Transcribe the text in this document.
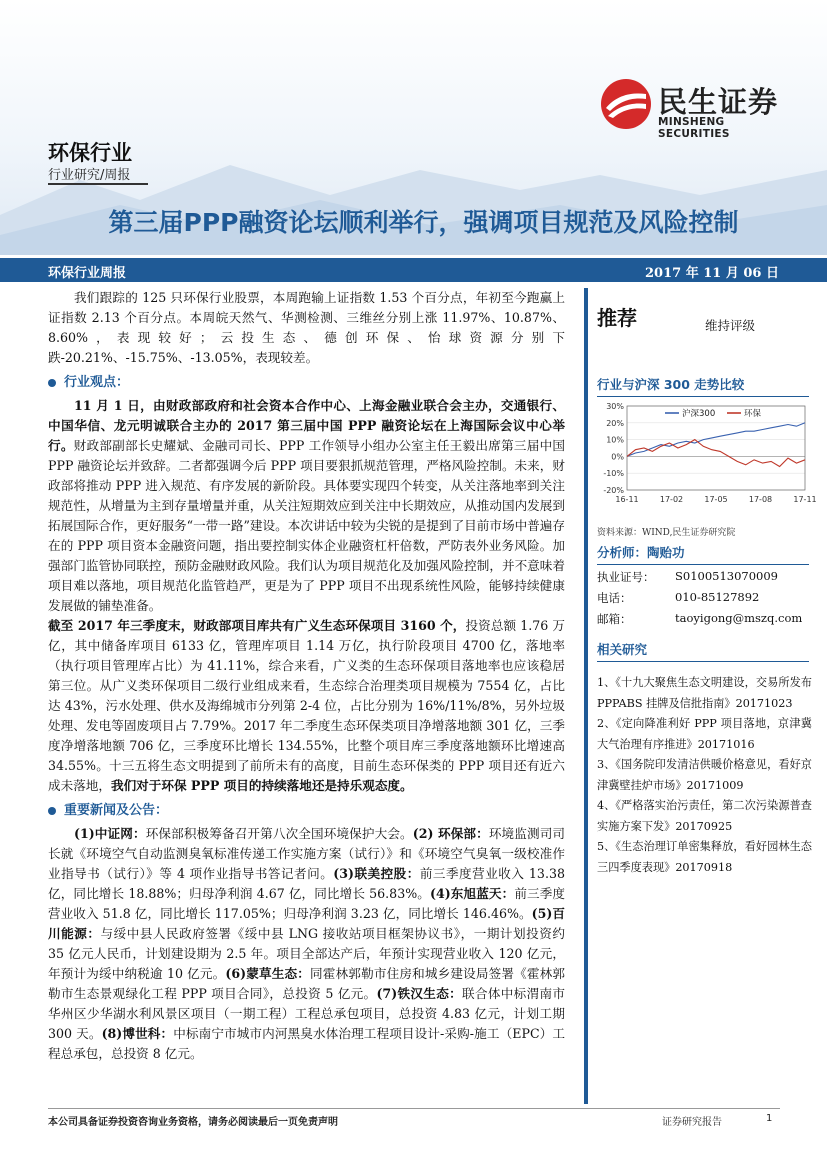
民生证券
MINSHENG SECURITIES
环保行业
行业研究/周报
第三届PPP融资论坛顺利举行，强调项目规范及风险控制
环保行业周报	2017 年 11 月 06 日

我们跟踪的 125 只环保行业股票，本周跑输上证指数 1.53 个百分点，年初至今跑赢上证指数 2.13 个百分点。本周皖天然气、华测检测、三维丝分别上涨 11.97%、10.87%、8.60%，表现较好；云投生态、德创环保、怡球资源分别下跌-20.21%、-15.75%、-13.05%，表现较差。

行业观点：

11 月 1 日，由财政部政府和社会资本合作中心、上海金融业联合会主办，交通银行、中国华信、龙元明诚联合主办的 2017 第三届中国 PPP 融资论坛在上海国际会议中心举行。财政部副部长史耀斌、金融司司长、PPP 工作领导小组办公室主任王毅出席第三届中国 PPP 融资论坛并致辞。二者都强调今后 PPP 项目要狠抓规范管理，严格风险控制。未来，财政部将推动 PPP 进入规范、有序发展的新阶段。具体要实现四个转变，从关注落地率到关注规范性，从增量为主到存量增量并重，从关注短期效应到关注中长期效应，从推动国内发展到拓展国际合作，更好服务“一带一路”建设。本次讲话中较为尖锐的是提到了目前市场中普遍存在的 PPP 项目资本金融资问题，指出要控制实体企业融资杠杆倍数，严防表外业务风险。加强部门监管协同联控，预防金融财政风险。我们认为项目规范化及加强风险控制，并不意味着项目难以落地，项目规范化监管趋严，更是为了 PPP 项目不出现系统性风险，能够持续健康发展做的铺垫准备。

截至 2017 年三季度末，财政部项目库共有广义生态环保项目 3160 个，投资总额 1.76 万亿，其中储备库项目 6133 亿，管理库项目 1.14 万亿，执行阶段项目 4700 亿，落地率（执行项目管理库占比）为 41.11%，综合来看，广义类的生态环保项目落地率也应该稳居第三位。从广义类环保项目二级行业组成来看，生态综合治理类项目规模为 7554 亿，占比达 43%，污水处理、供水及海绵城市分列第 2-4 位，占比分别为 16%/11%/8%，另外垃圾处理、发电等固废项目占 7.79%。2017 年二季度生态环保类项目净增落地额 301 亿，三季度净增落地额 706 亿，三季度环比增长 134.55%，比整个项目库三季度落地额环比增速高 34.55%。十三五将生态文明提到了前所未有的高度，目前生态环保类的 PPP 项目还有近六成未落地，我们对于环保 PPP 项目的持续落地还是持乐观态度。

重要新闻及公告：

(1)中证网：环保部积极筹备召开第八次全国环境保护大会。(2) 环保部：环境监测司司长就《环境空气自动监测臭氧标准传递工作实施方案（试行）》和《环境空气臭氧一级校准作业指导书（试行）》等 4 项作业指导书答记者问。(3)联美控股：前三季度营业收入 13.38 亿，同比增长 18.88%；归母净利润 4.67 亿，同比增长 56.83%。(4)东旭蓝天：前三季度营业收入 51.8 亿，同比增长 117.05%；归母净利润 3.23 亿，同比增长 146.46%。(5)百川能源：与绥中县人民政府签署《绥中县 LNG 接收站项目框架协议书》，一期计划投资约 35 亿元人民币，计划建设期为 2.5 年。项目全部达产后，年预计实现营业收入 120 亿元，年预计为绥中纳税逾 10 亿元。(6)蒙草生态：同霍林郭勒市住房和城乡建设局签署《霍林郭勒市生态景观绿化工程 PPP 项目合同》，总投资 5 亿元。(7)铁汉生态：联合体中标渭南市华州区少华湖水利风景区项目（一期工程）工程总承包项目，总投资 4.83 亿元，计划工期 300 天。(8)博世科：中标南宁市城市内河黑臭水体治理工程项目设计-采购-施工（EPC）工程总承包，总投资 8 亿元。

推荐	维持评级
行业与沪深 300 走势比较
30%
20%
10%
0%
-10%
-20%
16-11	17-02	17-05	17-08	17-11
沪深300	环保
资料来源：WIND,民生证券研究院
分析师：陶贻功
执业证号： S0100513070009
电话：	010-85127892
邮箱：	taoyigong@mszq.com
相关研究
1、《十九大聚焦生态文明建设，交易所发布 PPPABS 挂牌及信批指南》20171023
2、《定向降准利好 PPP 项目落地，京津冀大气治理有序推进》20171016
3、《国务院印发清洁供暖价格意见，看好京津冀壁挂炉市场》20171009
4、《严格落实治污责任，第二次污染源普查实施方案下发》20170925
5、《生态治理订单密集释放，看好园林生态三四季度表现》20170918
本公司具备证券投资咨询业务资格，请务必阅读最后一页免责声明	证券研究报告	1
